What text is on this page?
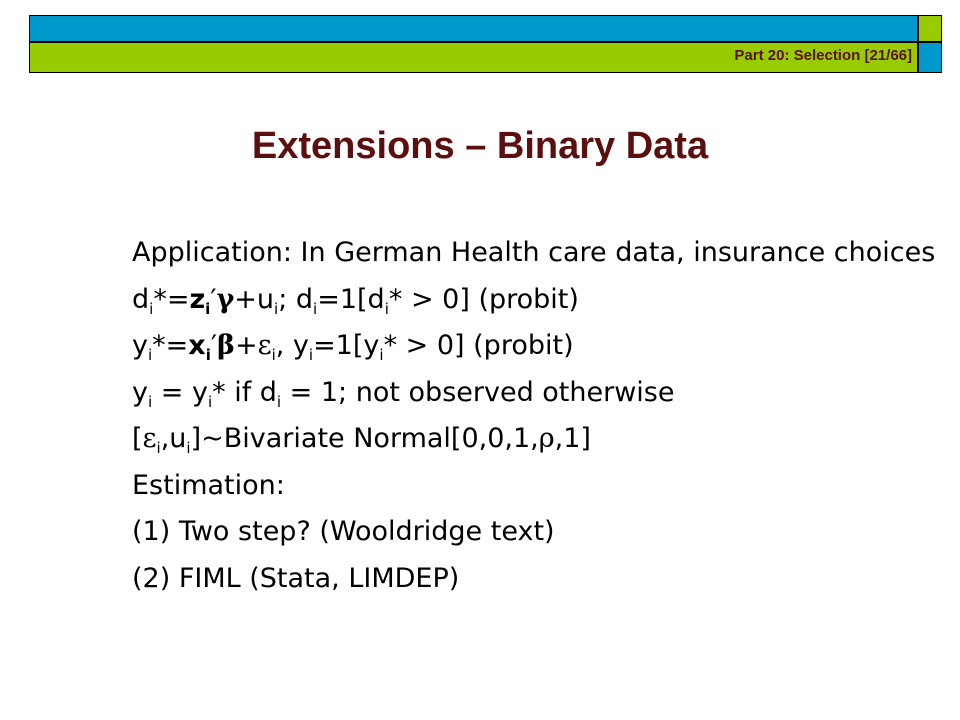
Part 20: Selection [21/66]
Extensions – Binary Data
Application: In German Health care data, insurance choices
$d_i*=z_i'\gamma+u_i$; $d_i=1[d_i* > 0]$ (probit)
$y_i*=x_i'\beta+\varepsilon_i$, $y_i=1[y_i* > 0]$ (probit)
$y_i = y_i*$ if $d_i = 1$; not observed otherwise
$[\varepsilon_i,u_i]\sim Bivariate$ Normal[0,0,1,ρ,1]
Estimation:
(1) Two step? (Wooldridge text)
(2) FIML (Stata, LIMDEP)
